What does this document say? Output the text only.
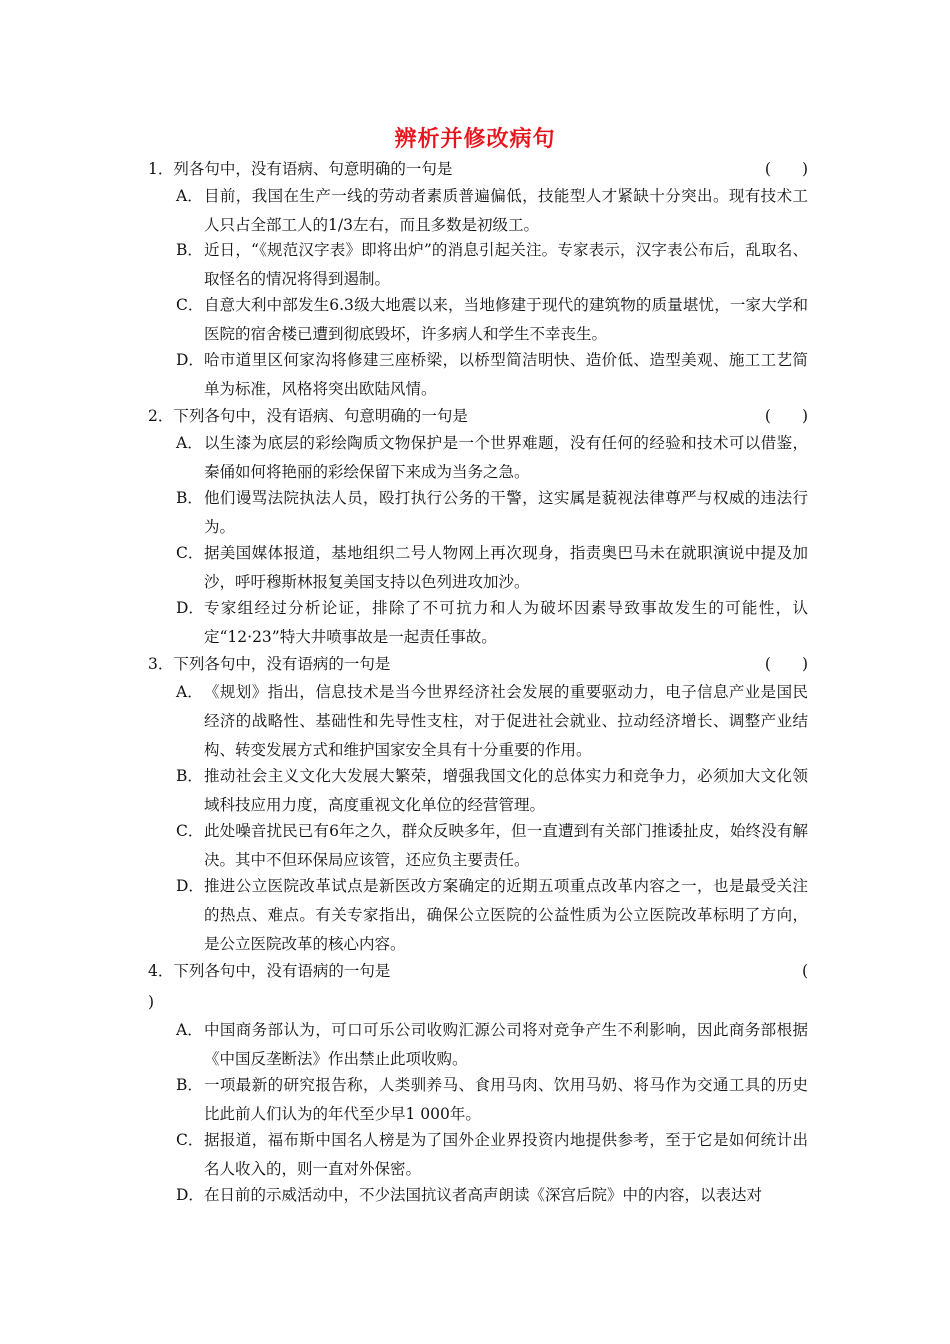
辨析并修改病句
1．列各句中，没有语病、句意明确的一句是	(　　)
A． 目前，我国在生产一线的劳动者素质普遍偏低，技能型人才紧缺十分突出。现有技术工人只占全部工人的1/3左右，而且多数是初级工。
B． 近日，“《规范汉字表》即将出炉”的消息引起关注。专家表示，汉字表公布后，乱取名、取怪名的情况将得到遏制。
C． 自意大利中部发生6.3级大地震以来，当地修建于现代的建筑物的质量堪忧，一家大学和医院的宿舍楼已遭到彻底毁坏，许多病人和学生不幸丧生。
D． 哈市道里区何家沟将修建三座桥梁，以桥型简洁明快、造价低、造型美观、施工工艺简单为标准，风格将突出欧陆风情。
2．下列各句中，没有语病、句意明确的一句是	(　　)
A． 以生漆为底层的彩绘陶质文物保护是一个世界难题，没有任何的经验和技术可以借鉴，秦俑如何将艳丽的彩绘保留下来成为当务之急。
B． 他们谩骂法院执法人员，殴打执行公务的干警，这实属是藐视法律尊严与权威的违法行为。
C． 据美国媒体报道，基地组织二号人物网上再次现身，指责奥巴马未在就职演说中提及加沙，呼吁穆斯林报复美国支持以色列进攻加沙。
D． 专家组经过分析论证，排除了不可抗力和人为破坏因素导致事故发生的可能性，认定“12·23”特大井喷事故是一起责任事故。
3．下列各句中，没有语病的一句是	(　　)
A． 《规划》指出，信息技术是当今世界经济社会发展的重要驱动力，电子信息产业是国民经济的战略性、基础性和先导性支柱，对于促进社会就业、拉动经济增长、调整产业结构、转变发展方式和维护国家安全具有十分重要的作用。
B． 推动社会主义文化大发展大繁荣，增强我国文化的总体实力和竞争力，必须加大文化领域科技应用力度，高度重视文化单位的经营管理。
C． 此处噪音扰民已有6年之久，群众反映多年，但一直遭到有关部门推诿扯皮，始终没有解决。其中不但环保局应该管，还应负主要责任。
D． 推进公立医院改革试点是新医改方案确定的近期五项重点改革内容之一，也是最受关注的热点、难点。有关专家指出，确保公立医院的公益性质为公立医院改革标明了方向，是公立医院改革的核心内容。
4．下列各句中，没有语病的一句是	(
)
A． 中国商务部认为，可口可乐公司收购汇源公司将对竞争产生不利影响，因此商务部根据《中国反垄断法》作出禁止此项收购。
B． 一项最新的研究报告称，人类驯养马、食用马肉、饮用马奶、将马作为交通工具的历史比此前人们认为的年代至少早1 000年。
C． 据报道，福布斯中国名人榜是为了国外企业界投资内地提供参考，至于它是如何统计出名人收入的，则一直对外保密。
D． 在日前的示威活动中，不少法国抗议者高声朗读《深宫后院》中的内容，以表达对
